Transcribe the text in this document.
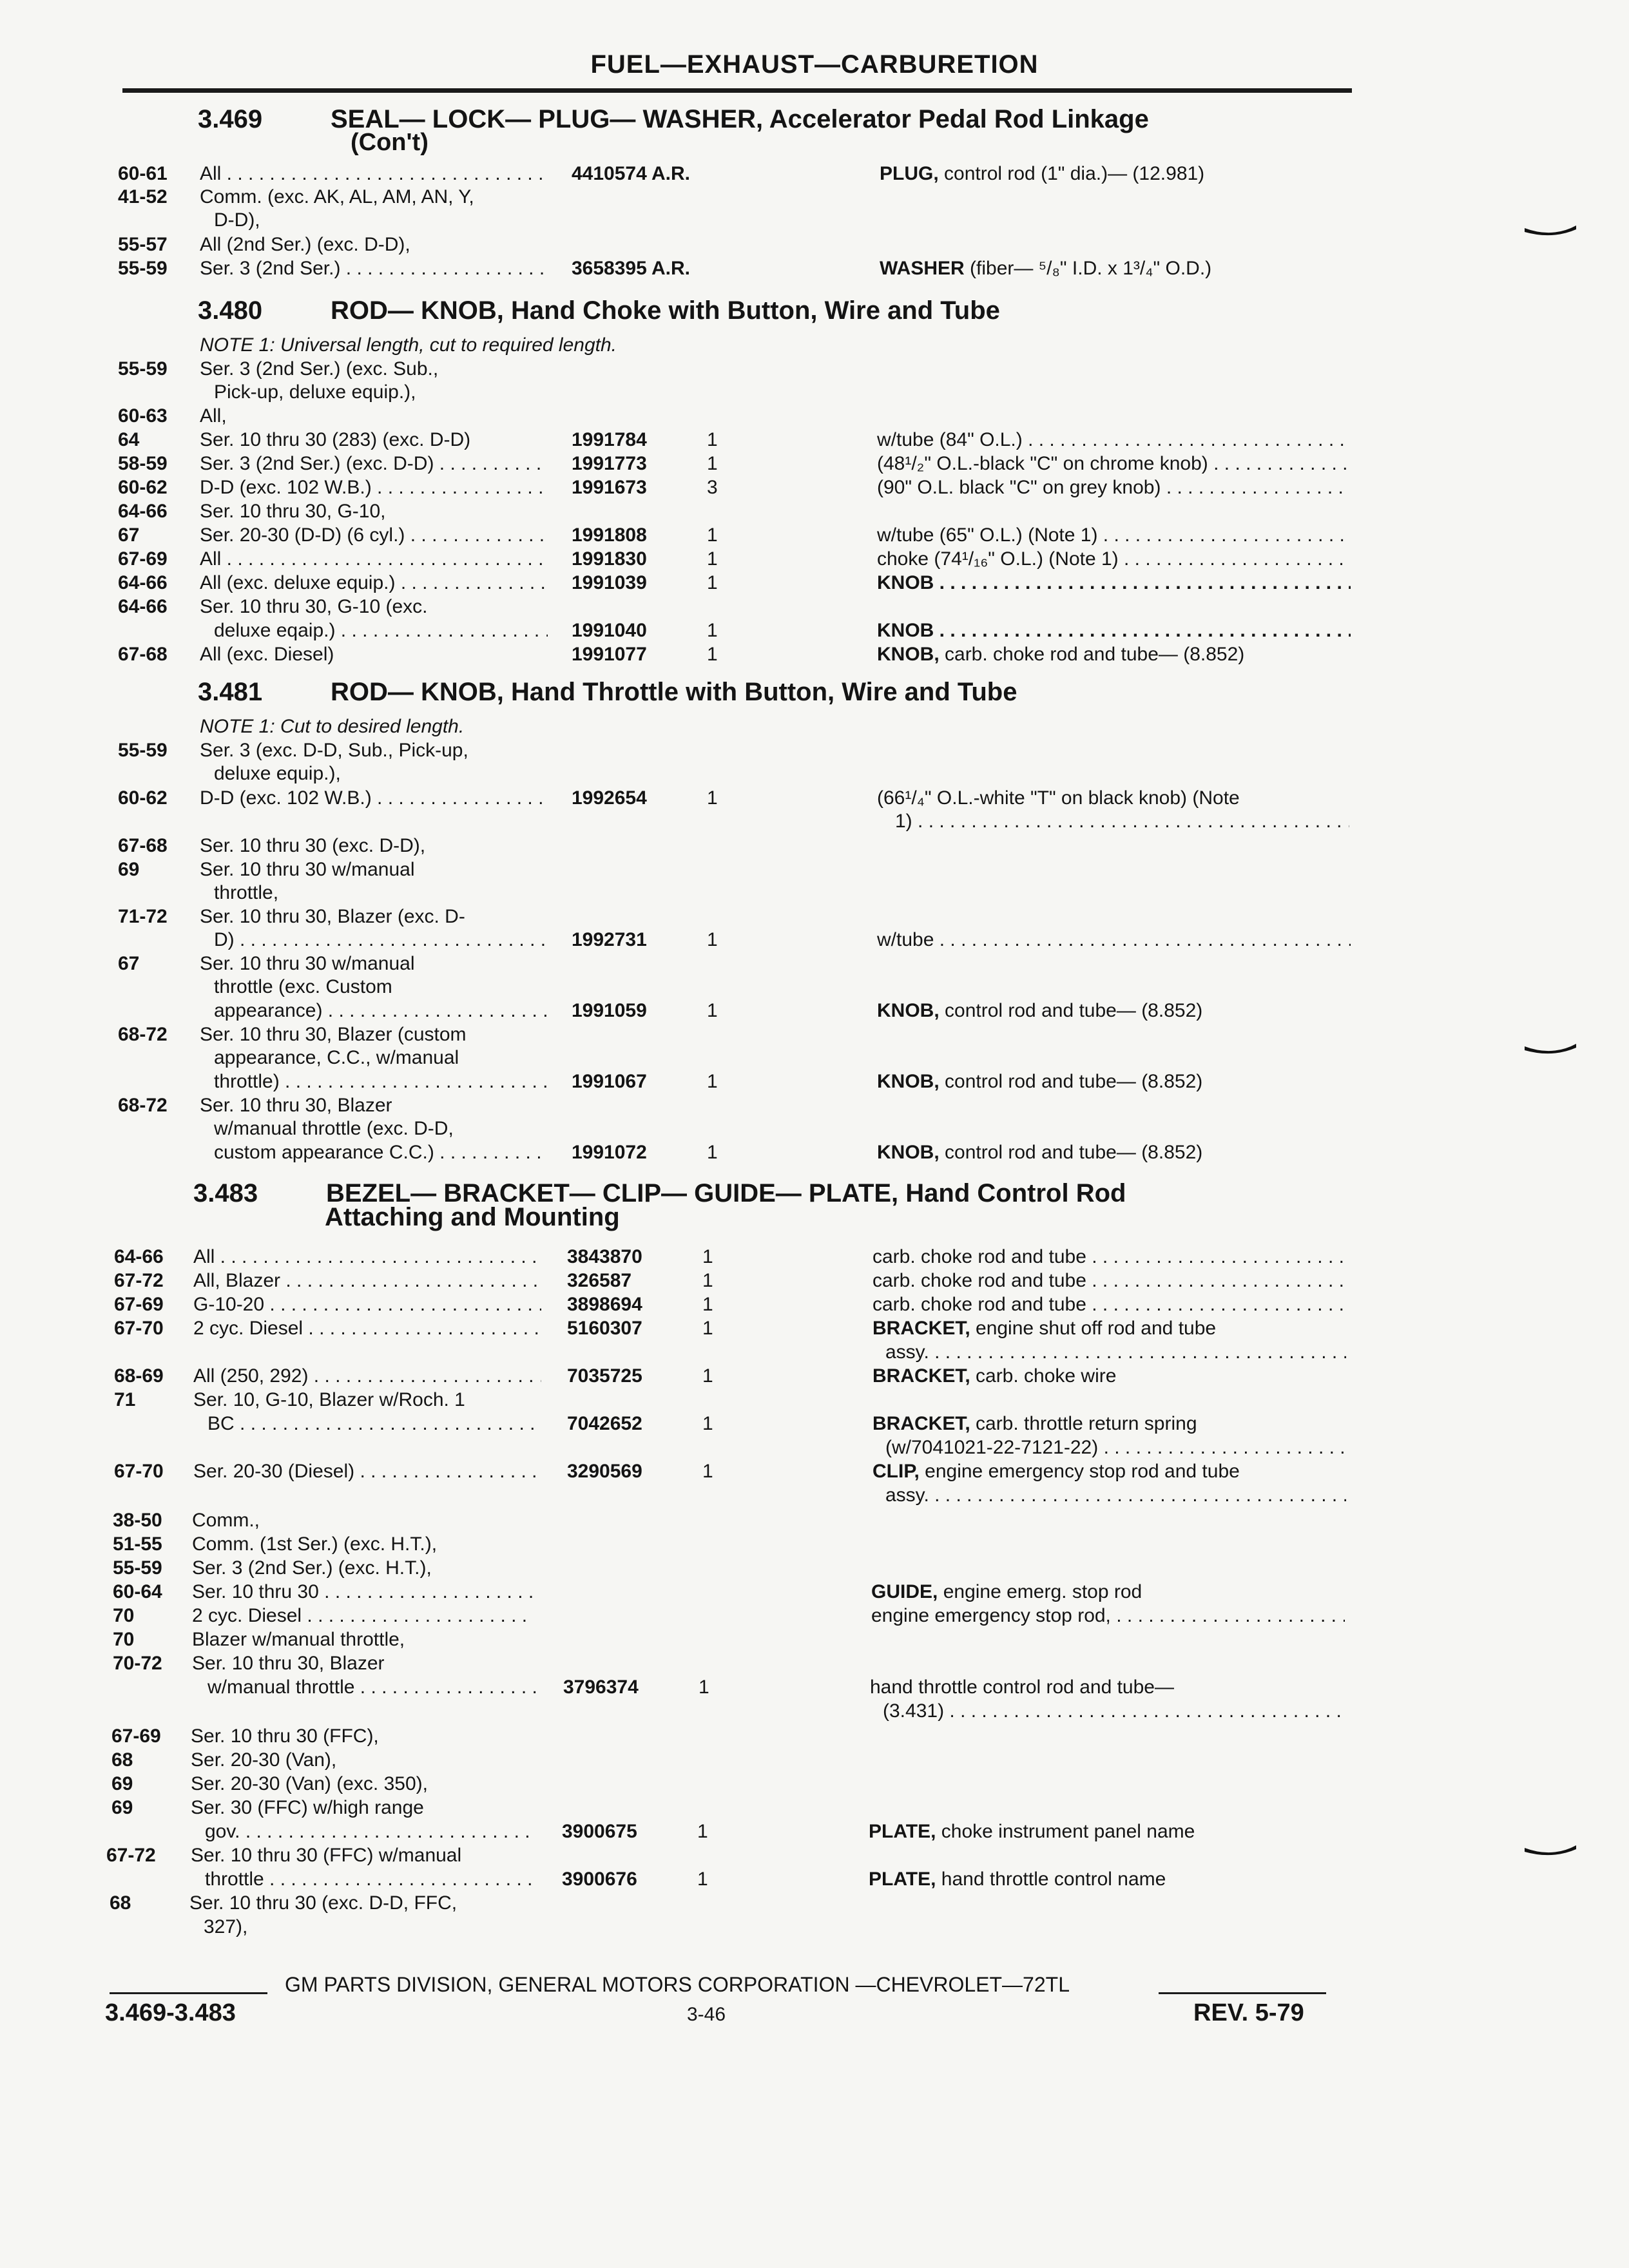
FUEL—EXHAUST—CARBURETION
3.469	SEAL— LOCK— PLUG— WASHER, Accelerator Pedal Rod Linkage
(Con't)
60-61 All . . .	4410574 A.R.	PLUG, control rod (1" dia.)— (12.981)
41-52 Comm. (exc. AK, AL, AM, AN, Y,
D-D),
55-57 All (2nd Ser.) (exc. D-D),
55-59 Ser. 3 (2nd Ser.) . . .	3658395 A.R.	WASHER (fiber— ⁵/₈" I.D. x 1³/₄" O.D.)
3.480	ROD— KNOB, Hand Choke with Button, Wire and Tube
NOTE 1: Universal length, cut to required length.
55-59 Ser. 3 (2nd Ser.) (exc. Sub.,
Pick-up, deluxe equip.),
60-63 All,
64	Ser. 10 thru 30 (283) (exc. D-D)	1991784	1	w/tube (84" O.L.) . . .
58-59 Ser. 3 (2nd Ser.) (exc. D-D) . . .	1991773	1	(48¹/₂" O.L.-black "C" on chrome knob) . . .
60-62 D-D (exc. 102 W.B.) . . .	1991673	3	(90" O.L. black "C" on grey knob) . . .
64-66 Ser. 10 thru 30, G-10,
67	Ser. 20-30 (D-D) (6 cyl.) . . .	1991808	1	w/tube (65" O.L.) (Note 1) . . .
67-69 All . . .	1991830	1	choke (74¹/₁₆" O.L.) (Note 1) . . .
64-66 All (exc. deluxe equip.) . . .	1991039	1	KNOB . . .
64-66 Ser. 10 thru 30, G-10 (exc.
deluxe eqaip.) . . .	1991040	1	KNOB . . .
67-68 All (exc. Diesel)	1991077	1	KNOB, carb. choke rod and tube— (8.852)
3.481	ROD— KNOB, Hand Throttle with Button, Wire and Tube
NOTE 1: Cut to desired length.
55-59 Ser. 3 (exc. D-D, Sub., Pick-up,
deluxe equip.),
60-62 D-D (exc. 102 W.B.) . . .	1992654	1	(66¹/₄" O.L.-white "T" on black knob) (Note
1) . . .
67-68 Ser. 10 thru 30 (exc. D-D),
69	Ser. 10 thru 30 w/manual
throttle,
71-72 Ser. 10 thru 30, Blazer (exc. D-
D) . . .	1992731	1	w/tube . . .
67	Ser. 10 thru 30 w/manual
throttle (exc. Custom
appearance) . . .	1991059	1	KNOB, control rod and tube— (8.852)
68-72 Ser. 10 thru 30, Blazer (custom
appearance, C.C., w/manual
throttle) . . .	1991067	1	KNOB, control rod and tube— (8.852)
68-72 Ser. 10 thru 30, Blazer
w/manual throttle (exc. D-D,
custom appearance C.C.) . . .	1991072	1	KNOB, control rod and tube— (8.852)
3.483	BEZEL— BRACKET— CLIP— GUIDE— PLATE, Hand Control Rod
Attaching and Mounting
64-66 All . . .	3843870	1	carb. choke rod and tube . . .
67-72 All, Blazer . . .	326587	1	carb. choke rod and tube . . .
67-69 G-10-20 . . .	3898694	1	carb. choke rod and tube . . .
67-70 2 cyc. Diesel . . .	5160307	1	BRACKET, engine shut off rod and tube
assy. . . .
68-69 All (250, 292) . . .	7035725	1	BRACKET, carb. choke wire
71	Ser. 10, G-10, Blazer w/Roch. 1
BC . . .	7042652	1	BRACKET, carb. throttle return spring
(w/7041021-22-7121-22) . . .
67-70 Ser. 20-30 (Diesel) . . .	3290569	1	CLIP, engine emergency stop rod and tube
assy. . . .
38-50 Comm.,
51-55 Comm. (1st Ser.) (exc. H.T.),
55-59 Ser. 3 (2nd Ser.) (exc. H.T.),
60-64 Ser. 10 thru 30 . . .	GUIDE, engine emerg. stop rod
70	2 cyc. Diesel . . .	engine emergency stop rod, . . .
70	Blazer w/manual throttle,
70-72 Ser. 10 thru 30, Blazer
w/manual throttle . . .	3796374	1	hand throttle control rod and tube—
(3.431) . . .
67-69 Ser. 10 thru 30 (FFC),
68	Ser. 20-30 (Van),
69	Ser. 20-30 (Van) (exc. 350),
69	Ser. 30 (FFC) w/high range
gov. . . .	3900675	1	PLATE, choke instrument panel name
67-72 Ser. 10 thru 30 (FFC) w/manual
throttle . . .	3900676	1	PLATE, hand throttle control name
68	Ser. 10 thru 30 (exc. D-D, FFC,
327),
GM PARTS DIVISION, GENERAL MOTORS CORPORATION —CHEVROLET—72TL
3.469-3.483	3-46	REV. 5-79
